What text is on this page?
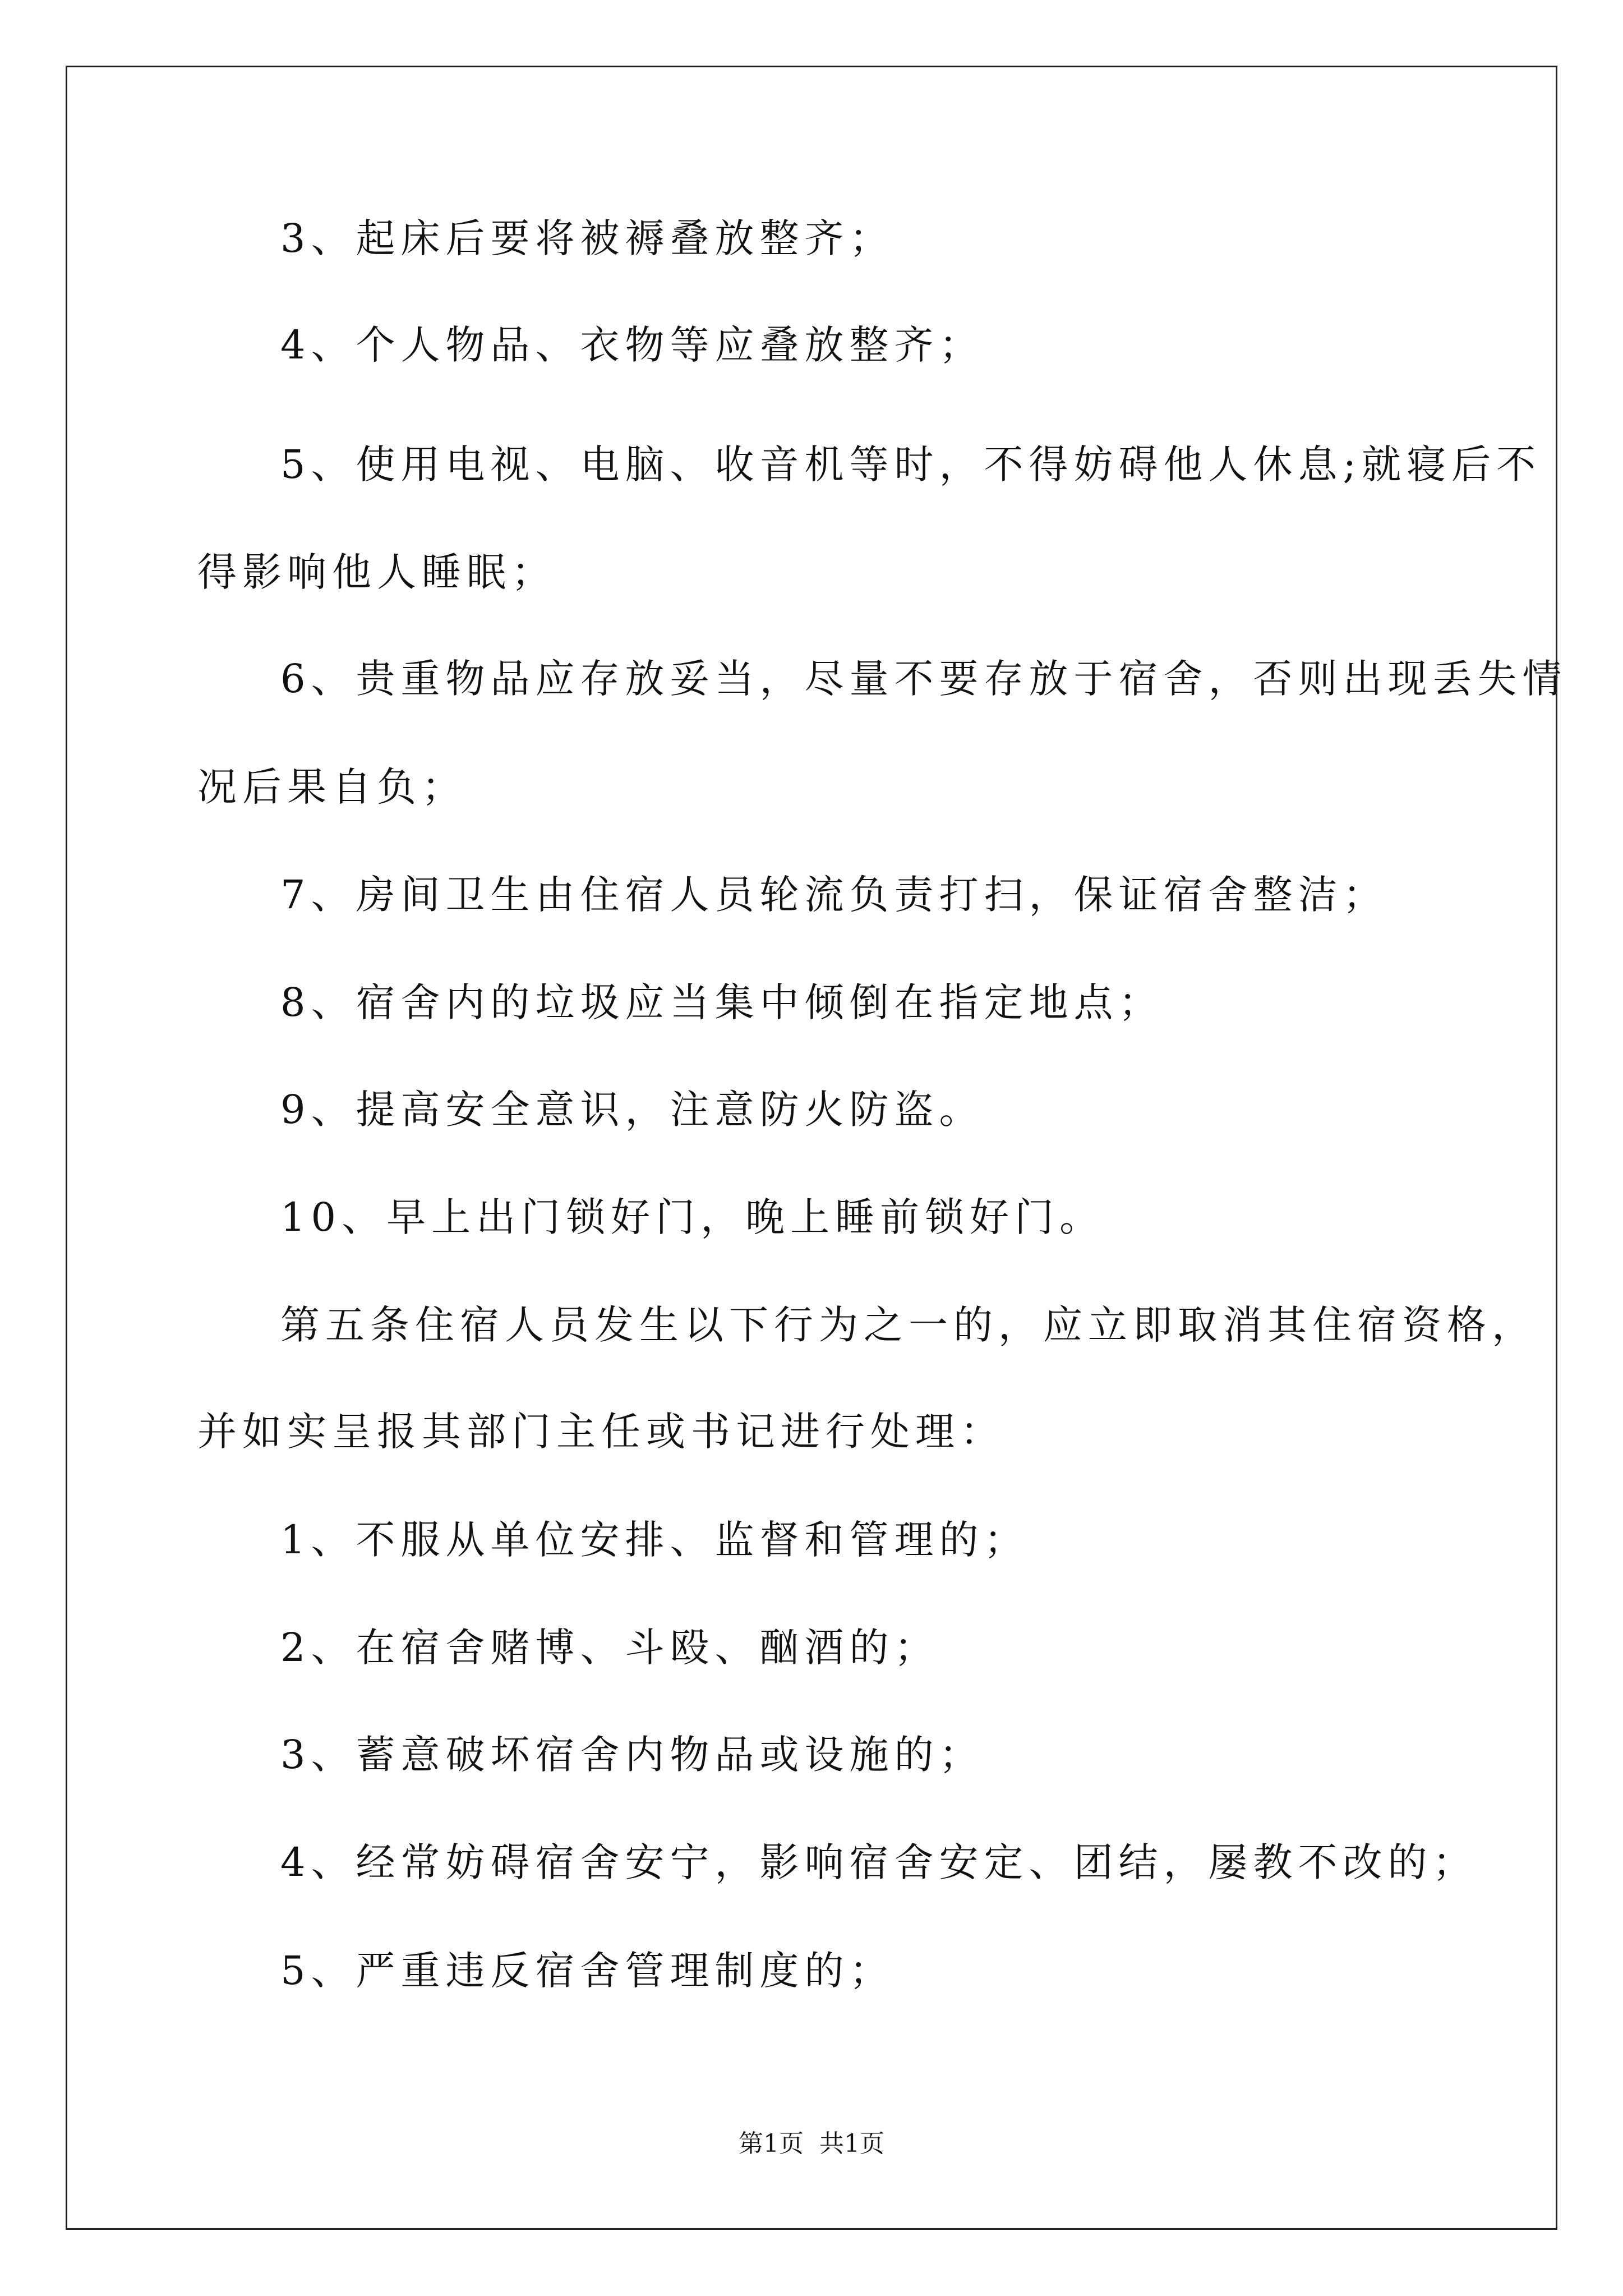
3、起床后要将被褥叠放整齐；
4、个人物品、衣物等应叠放整齐；
5、使用电视、电脑、收音机等时，不得妨碍他人休息;就寝后不
得影响他人睡眠；
6、贵重物品应存放妥当，尽量不要存放于宿舍，否则出现丢失情
况后果自负；
7、房间卫生由住宿人员轮流负责打扫，保证宿舍整洁；
8、宿舍内的垃圾应当集中倾倒在指定地点；
9、提高安全意识，注意防火防盗。
10、早上出门锁好门，晚上睡前锁好门。
第五条住宿人员发生以下行为之一的，应立即取消其住宿资格，
并如实呈报其部门主任或书记进行处理：
1、不服从单位安排、监督和管理的；
2、在宿舍赌博、斗殴、酗酒的；
3、蓄意破坏宿舍内物品或设施的；
4、经常妨碍宿舍安宁，影响宿舍安定、团结，屡教不改的；
5、严重违反宿舍管理制度的；
第1页  共1页
